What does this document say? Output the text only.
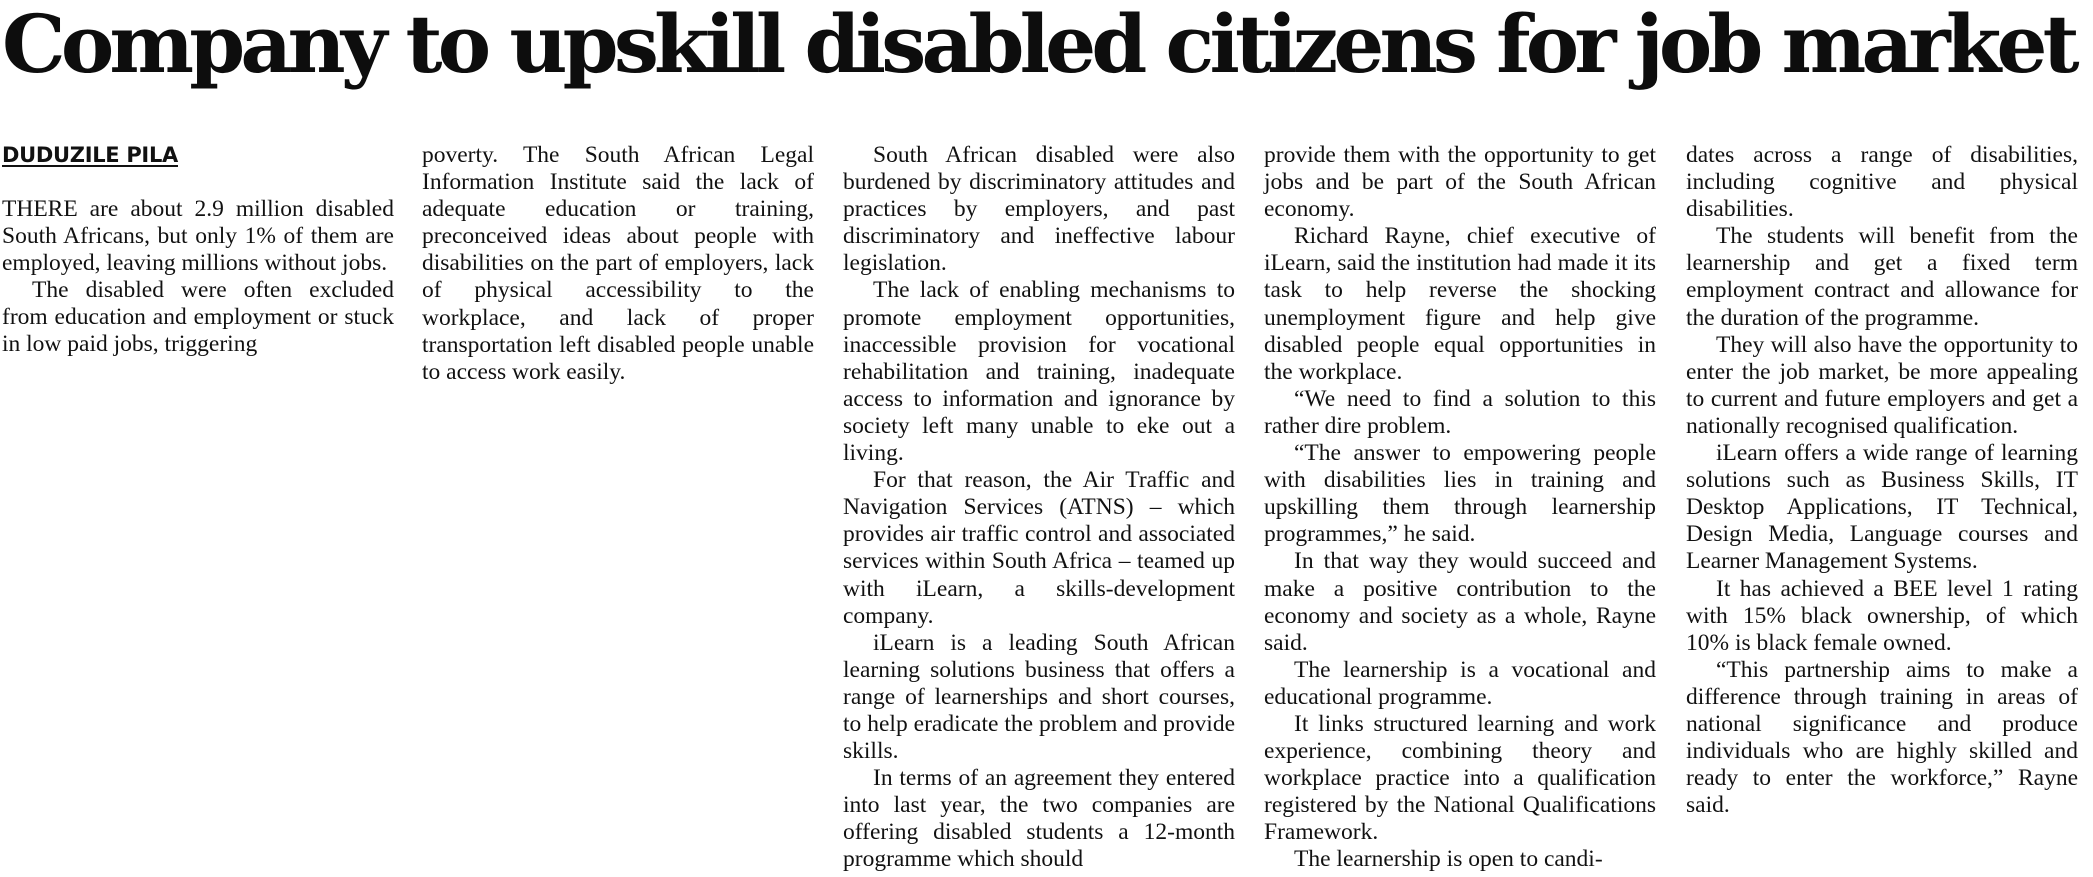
Company to upskill disabled citizens for job market
DUDUZILE PILA

THERE are about 2.9 million disabled South Africans, but only 1% of them are employed, leaving millions without jobs.

The disabled were often excluded from education and employment or stuck in low paid jobs, triggering

poverty. The South African Legal Information Institute said the lack of adequate education or training, preconceived ideas about people with disabilities on the part of employers, lack of physical accessibility to the workplace, and lack of proper transportation left disabled people unable to access work easily.

South African disabled were also burdened by discriminatory attitudes and practices by employers, and past discriminatory and ineffective labour legislation.

The lack of enabling mechanisms to promote employment opportunities, inaccessible provision for vocational rehabilitation and training, inadequate access to information and ignorance by society left many unable to eke out a living.

For that reason, the Air Traffic and Navigation Services (ATNS) – which provides air traffic control and associated services within South Africa – teamed up with iLearn, a skills-development company.

iLearn is a leading South African learning solutions business that offers a range of learnerships and short courses, to help eradicate the problem and provide skills.

In terms of an agreement they entered into last year, the two companies are offering disabled students a 12-month programme which should

provide them with the opportunity to get jobs and be part of the South African economy.

Richard Rayne, chief executive of iLearn, said the institution had made it its task to help reverse the shocking unemployment figure and help give disabled people equal opportunities in the workplace.

“We need to find a solution to this rather dire problem.

“The answer to empowering people with disabilities lies in training and upskilling them through learnership programmes,” he said.

In that way they would succeed and make a positive contribution to the economy and society as a whole, Rayne said.

The learnership is a vocational and educational programme.

It links structured learning and work experience, combining theory and workplace practice into a qualification registered by the National Qualifications Framework.

The learnership is open to candi-

dates across a range of disabilities, including cognitive and physical disabilities.

The students will benefit from the learnership and get a fixed term employment contract and allowance for the duration of the programme.

They will also have the opportunity to enter the job market, be more appealing to current and future employers and get a nationally recognised qualification.

iLearn offers a wide range of learning solutions such as Business Skills, IT Desktop Applications, IT Technical, Design Media, Language courses and Learner Management Systems.

It has achieved a BEE level 1 rating with 15% black ownership, of which 10% is black female owned.

“This partnership aims to make a difference through training in areas of national significance and produce individuals who are highly skilled and ready to enter the workforce,” Rayne said.
